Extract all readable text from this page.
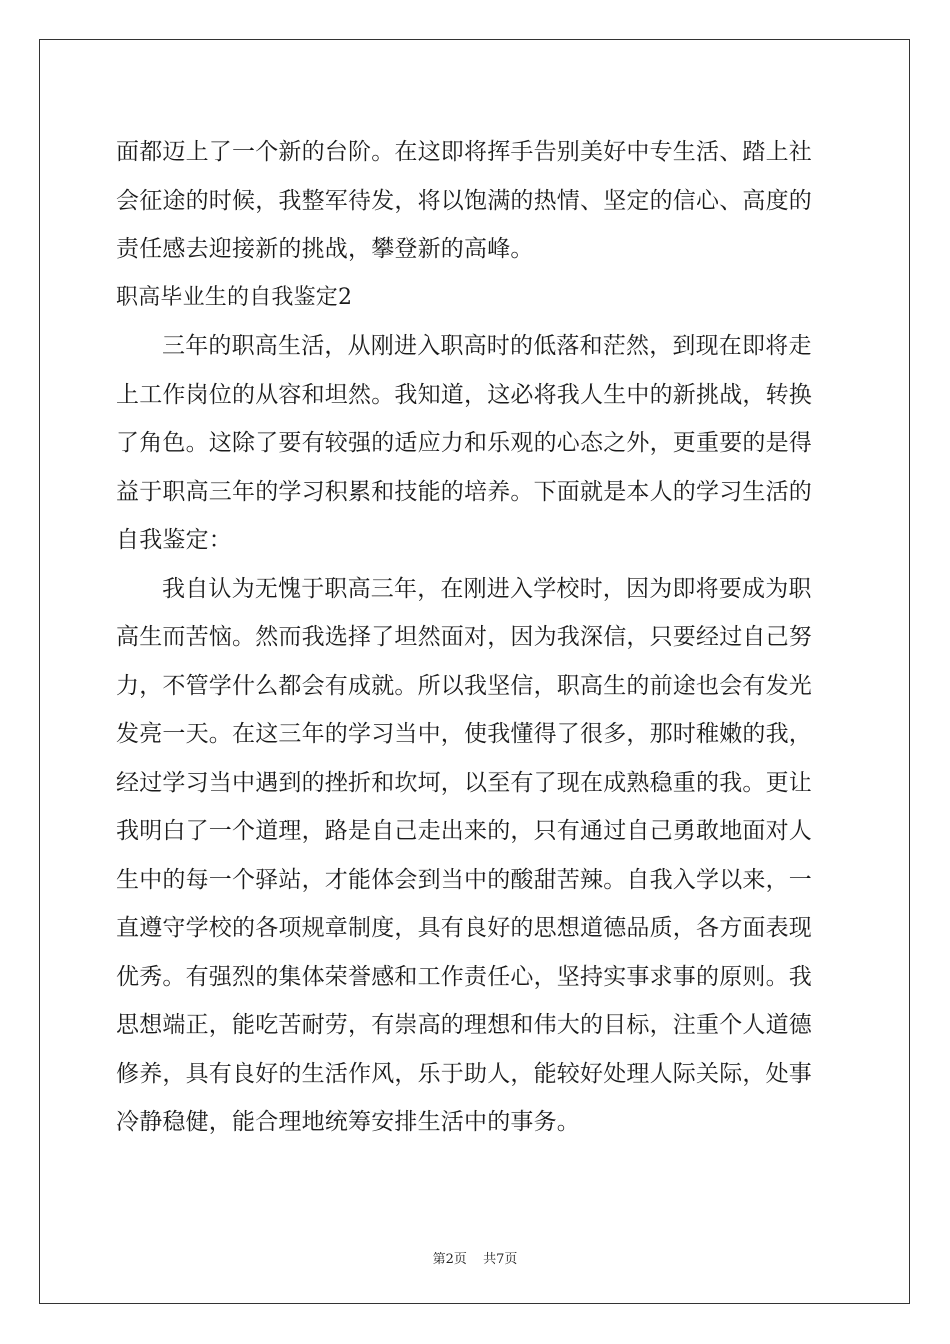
面都迈上了一个新的台阶。在这即将挥手告别美好中专生活、踏上社
会征途的时候，我整军待发，将以饱满的热情、坚定的信心、高度的
责任感去迎接新的挑战，攀登新的高峰。
职高毕业生的自我鉴定2
三年的职高生活，从刚进入职高时的低落和茫然，到现在即将走
上工作岗位的从容和坦然。我知道，这必将我人生中的新挑战，转换
了角色。这除了要有较强的适应力和乐观的心态之外，更重要的是得
益于职高三年的学习积累和技能的培养。下面就是本人的学习生活的
自我鉴定：
我自认为无愧于职高三年，在刚进入学校时，因为即将要成为职
高生而苦恼。然而我选择了坦然面对，因为我深信，只要经过自己努
力，不管学什么都会有成就。所以我坚信，职高生的前途也会有发光
发亮一天。在这三年的学习当中，使我懂得了很多，那时稚嫩的我，
经过学习当中遇到的挫折和坎坷，以至有了现在成熟稳重的我。更让
我明白了一个道理，路是自己走出来的，只有通过自己勇敢地面对人
生中的每一个驿站，才能体会到当中的酸甜苦辣。自我入学以来，一
直遵守学校的各项规章制度，具有良好的思想道德品质，各方面表现
优秀。有强烈的集体荣誉感和工作责任心，坚持实事求事的原则。我
思想端正，能吃苦耐劳，有崇高的理想和伟大的目标，注重个人道德
修养，具有良好的生活作风，乐于助人，能较好处理人际关际，处事
冷静稳健，能合理地统筹安排生活中的事务。
第2页 共7页
